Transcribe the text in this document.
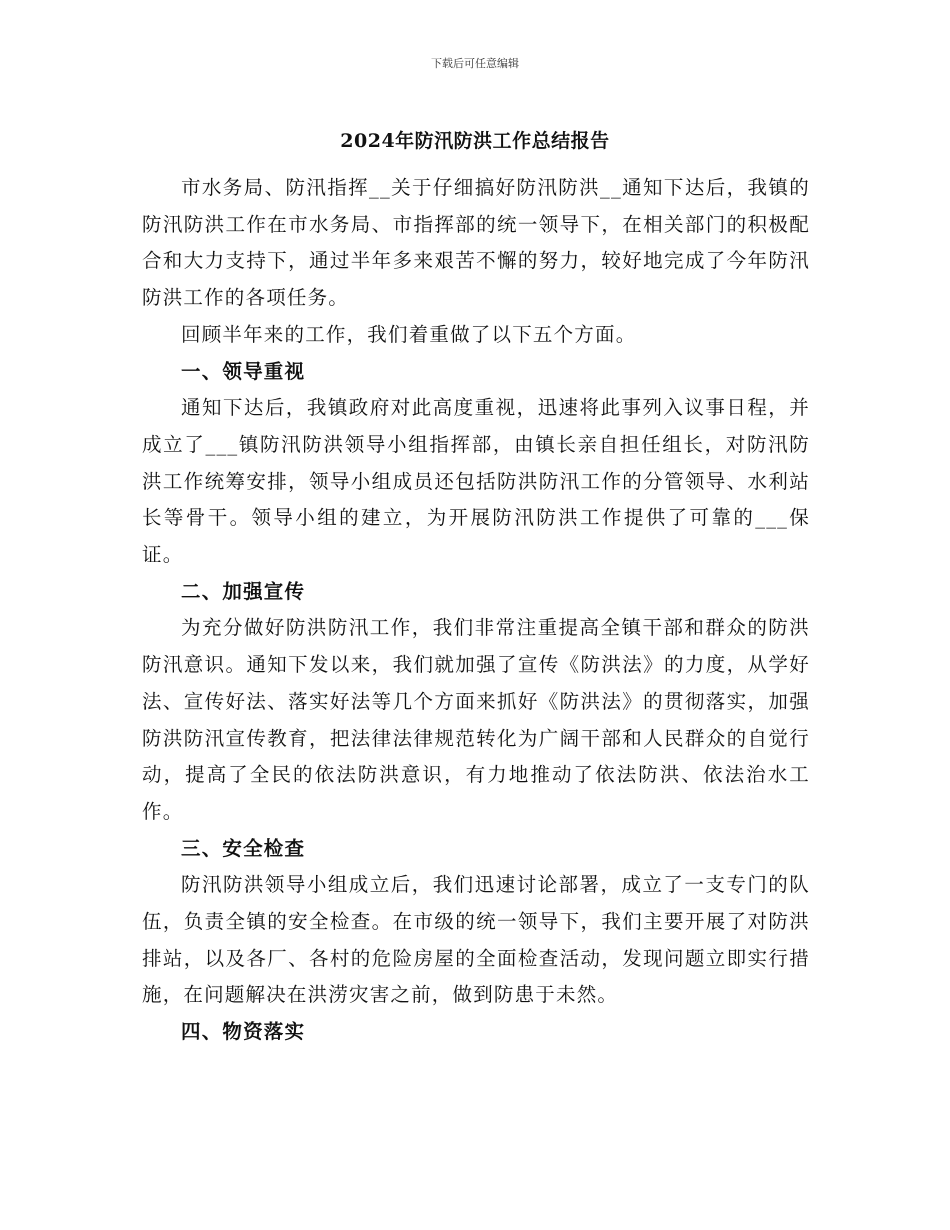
下载后可任意编辑
2024年防汛防洪工作总结报告

市水务局、防汛指挥__关于仔细搞好防汛防洪__通知下达后，我镇的防汛防洪工作在市水务局、市指挥部的统一领导下，在相关部门的积极配合和大力支持下，通过半年多来艰苦不懈的努力，较好地完成了今年防汛防洪工作的各项任务。

回顾半年来的工作，我们着重做了以下五个方面。

一、领导重视

通知下达后，我镇政府对此高度重视，迅速将此事列入议事日程，并成立了___镇防汛防洪领导小组指挥部，由镇长亲自担任组长，对防汛防洪工作统筹安排，领导小组成员还包括防洪防汛工作的分管领导、水利站长等骨干。领导小组的建立，为开展防汛防洪工作提供了可靠的___保证。

二、加强宣传

为充分做好防洪防汛工作，我们非常注重提高全镇干部和群众的防洪防汛意识。通知下发以来，我们就加强了宣传《防洪法》的力度，从学好法、宣传好法、落实好法等几个方面来抓好《防洪法》的贯彻落实，加强防洪防汛宣传教育，把法律法律规范转化为广阔干部和人民群众的自觉行动，提高了全民的依法防洪意识，有力地推动了依法防洪、依法治水工作。

三、安全检查

防汛防洪领导小组成立后，我们迅速讨论部署，成立了一支专门的队伍，负责全镇的安全检查。在市级的统一领导下，我们主要开展了对防洪排站，以及各厂、各村的危险房屋的全面检查活动，发现问题立即实行措施，在问题解决在洪涝灾害之前，做到防患于未然。

四、物资落实
